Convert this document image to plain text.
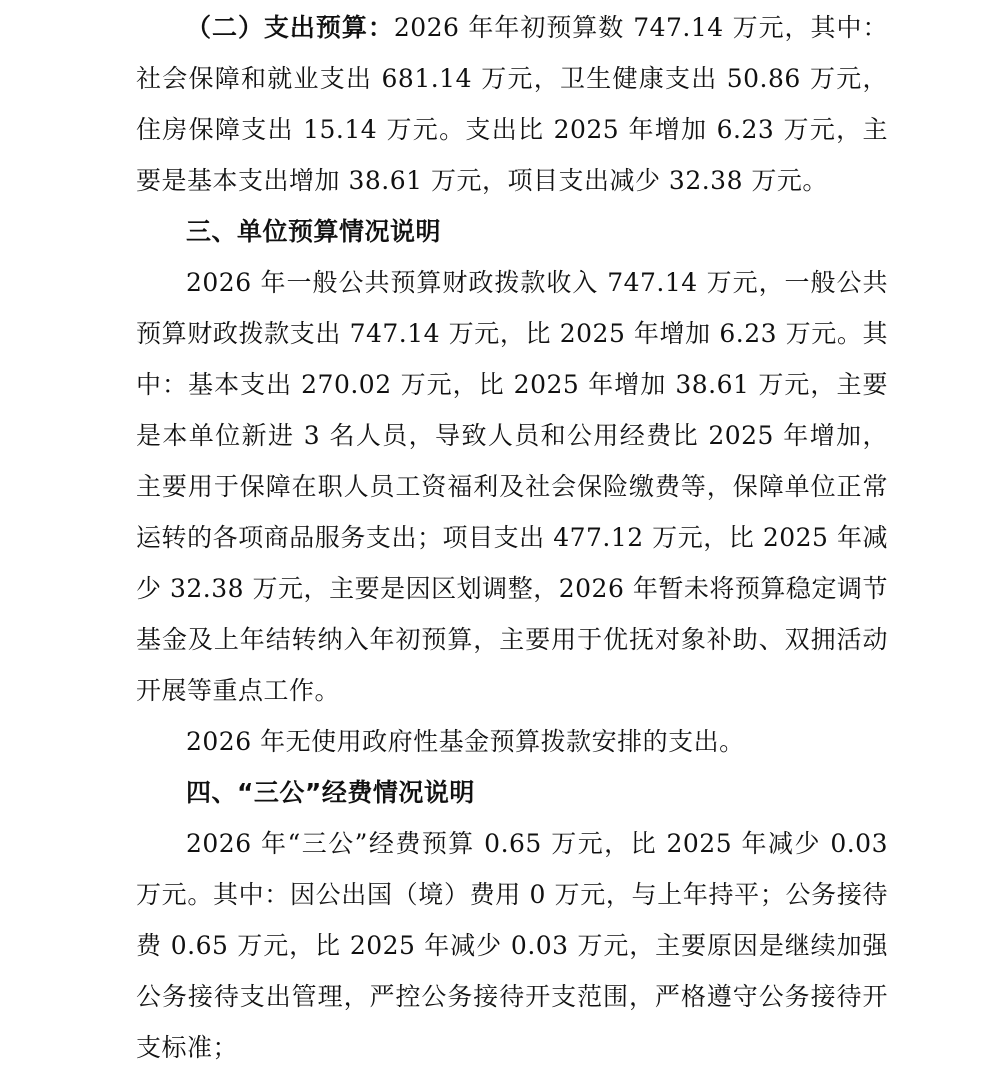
（二）支出预算：2026 年年初预算数 747.14 万元，其中：社会保障和就业支出 681.14 万元，卫生健康支出 50.86 万元，住房保障支出 15.14 万元。支出比 2025 年增加 6.23 万元，主要是基本支出增加 38.61 万元，项目支出减少 32.38 万元。

三、单位预算情况说明

2026 年一般公共预算财政拨款收入 747.14 万元，一般公共预算财政拨款支出 747.14 万元，比 2025 年增加 6.23 万元。其中：基本支出 270.02 万元，比 2025 年增加 38.61 万元，主要是本单位新进 3 名人员，导致人员和公用经费比 2025 年增加，主要用于保障在职人员工资福利及社会保险缴费等，保障单位正常运转的各项商品服务支出；项目支出 477.12 万元，比 2025 年减少 32.38 万元，主要是因区划调整，2026 年暂未将预算稳定调节基金及上年结转纳入年初预算，主要用于优抚对象补助、双拥活动开展等重点工作。

2026 年无使用政府性基金预算拨款安排的支出。

四、“三公”经费情况说明

2026 年“三公”经费预算 0.65 万元，比 2025 年减少 0.03 万元。其中：因公出国（境）费用 0 万元，与上年持平；公务接待费 0.65 万元，比 2025 年减少 0.03 万元，主要原因是继续加强公务接待支出管理，严控公务接待开支范围，严格遵守公务接待开支标准；
